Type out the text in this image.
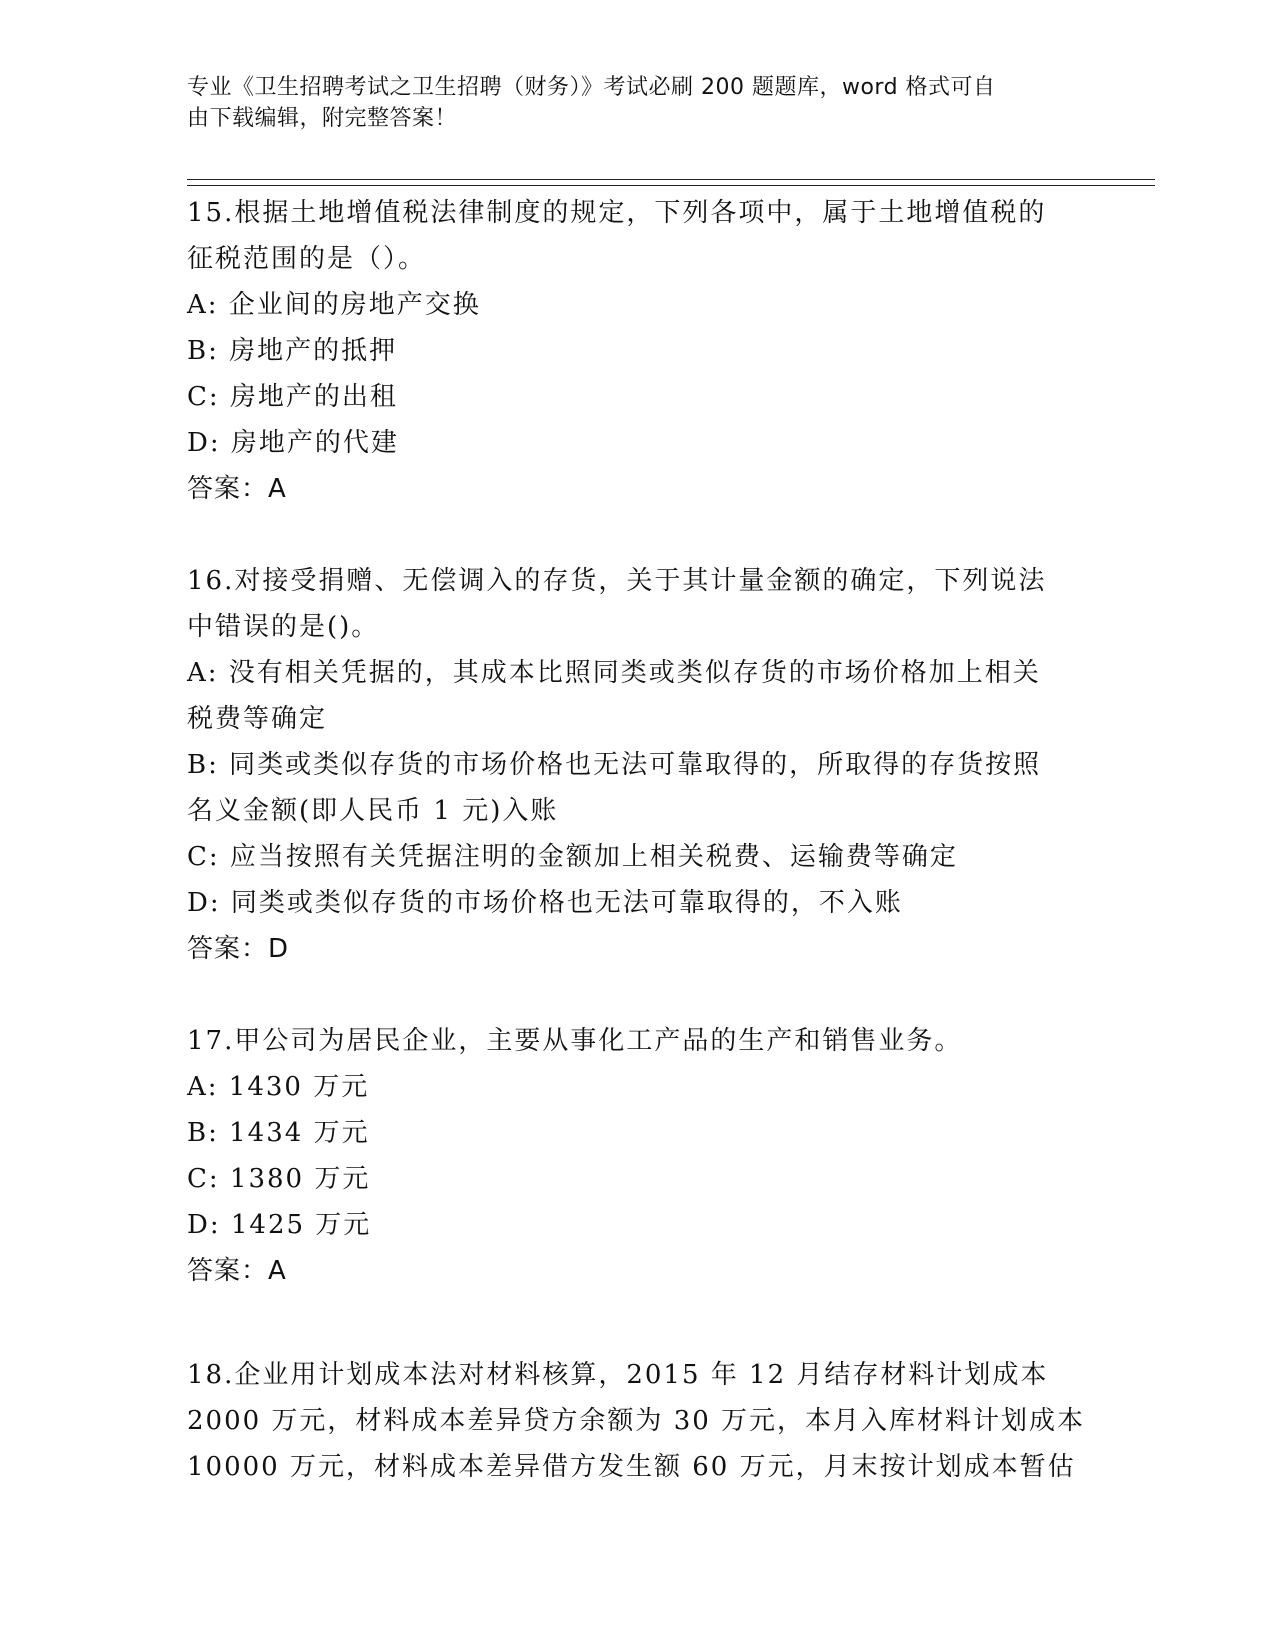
专业《卫生招聘考试之卫生招聘（财务）》考试必刷 200 题题库，word 格式可自
由下载编辑，附完整答案！
15.根据土地增值税法律制度的规定，下列各项中，属于土地增值税的
征税范围的是（）。
A: 企业间的房地产交换
B: 房地产的抵押
C: 房地产的出租
D: 房地产的代建
答案：A
16.对接受捐赠、无偿调入的存货，关于其计量金额的确定，下列说法
中错误的是()。
A: 没有相关凭据的，其成本比照同类或类似存货的市场价格加上相关
税费等确定
B: 同类或类似存货的市场价格也无法可靠取得的，所取得的存货按照
名义金额(即人民币 1 元)入账
C: 应当按照有关凭据注明的金额加上相关税费、运输费等确定
D: 同类或类似存货的市场价格也无法可靠取得的，不入账
答案：D
17.甲公司为居民企业，主要从事化工产品的生产和销售业务。
A: 1430 万元
B: 1434 万元
C: 1380 万元
D: 1425 万元
答案：A
18.企业用计划成本法对材料核算，2015 年 12 月结存材料计划成本
2000 万元，材料成本差异贷方余额为 30 万元，本月入库材料计划成本
10000 万元，材料成本差异借方发生额 60 万元，月末按计划成本暂估
